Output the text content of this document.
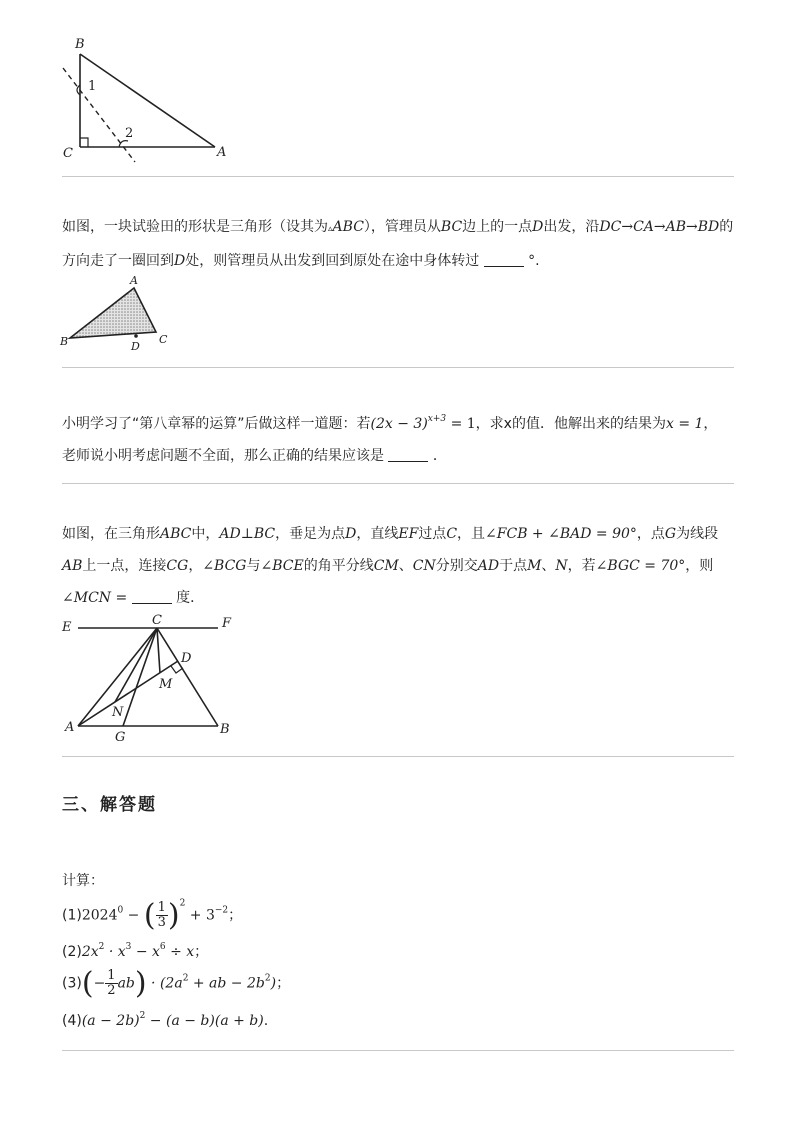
B
C	A
1
2
如图，一块试验田的形状是三角形（设其为▵ABC），管理员从BC边上的一点D出发，沿DC→CA→AB→BD的
方向走了一圈回到D处，则管理员从出发到回到原处在途中身体转过	°.
A
B	C
D
小明学习了“第八章幂的运算”后做这样一道题：若$(2x - 3)^{x+3} = 1$，求x的值．他解出来的结果为x = 1，
老师说小明考虑问题不全面，那么正确的结果应该是	．
如图，在三角形ABC中，AD⊥BC，垂足为点D，直线EF过点C，且∠FCB + ∠BAD = 90°，点G为线段
AB上一点，连接CG，∠BCG与∠BCE的角平分线CM、CN分别交AD于点M、N，若∠BGC = 70°，则
∠MCN =	度．
E	F
C
D
M
N
A
G
B
三、解答题
计算：
$(1)2024^0$ − ( $\frac{1}{3} )^2 + 3^{-2}$；
$(2)2x^2 \cdot x^3 - x^6 \div x$；
$(3)(- \frac{1}{2} ab) \cdot (2a^2$ + ab − $2b^2$)；
$(4)(a - 2b)^2 - (a - b)(a + b)$.
